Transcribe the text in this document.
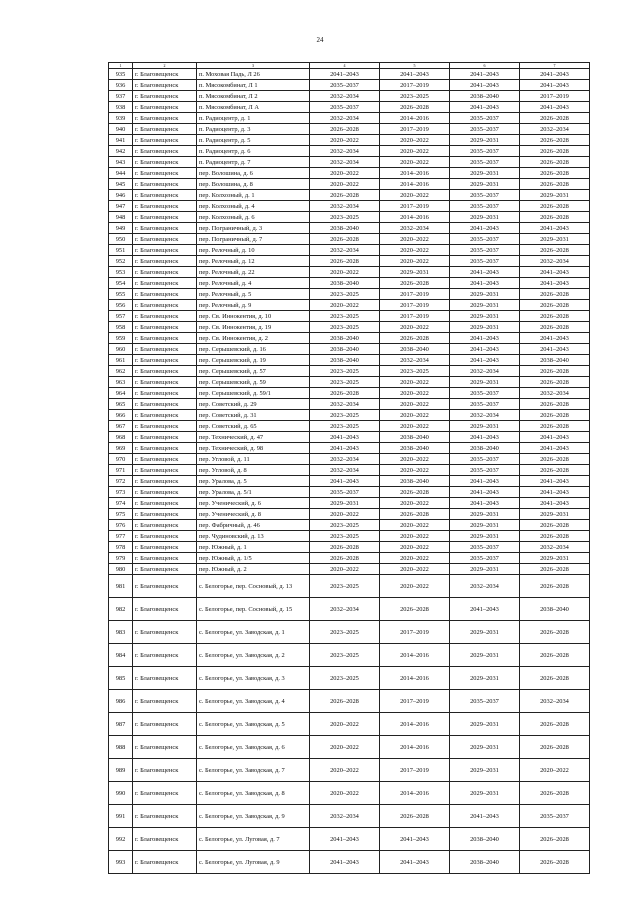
24
1	2	3	4	5	6	7
935	г. Благовещенск	п. Моховая Падь, Л 26	2041–2043	2041–2043	2041–2043	2041–2043
936	г. Благовещенск	п. Мясокомбинат, Л 1	2035–2037	2017–2019	2041–2043	2041–2043
937	г. Благовещенск	п. Мясокомбинат, Л 2	2032–2034	2023–2025	2038–2040	2017–2019
938	г. Благовещенск	п. Мясокомбинат, Л А	2035–2037	2026–2028	2041–2043	2041–2043
939	г. Благовещенск	п. Радиоцентр, д. 1	2032–2034	2014–2016	2035–2037	2026–2028
940	г. Благовещенск	п. Радиоцентр, д. 3	2026–2028	2017–2019	2035–2037	2032–2034
941	г. Благовещенск	п. Радиоцентр, д. 5	2020–2022	2020–2022	2029–2031	2026–2028
942	г. Благовещенск	п. Радиоцентр, д. 6	2032–2034	2020–2022	2035–2037	2026–2028
943	г. Благовещенск	п. Радиоцентр, д. 7	2032–2034	2020–2022	2035–2037	2026–2028
944	г. Благовещенск	пер. Волошина, д. 6	2020–2022	2014–2016	2029–2031	2026–2028
945	г. Благовещенск	пер. Волошина, д. 8	2020–2022	2014–2016	2029–2031	2026–2028
946	г. Благовещенск	пер. Колхозный, д. 1	2026–2028	2020–2022	2035–2037	2029–2031
947	г. Благовещенск	пер. Колхозный, д. 4	2032–2034	2017–2019	2035–2037	2026–2028
948	г. Благовещенск	пер. Колхозный, д. 6	2023–2025	2014–2016	2029–2031	2026–2028
949	г. Благовещенск	пер. Пограничный, д. 3	2038–2040	2032–2034	2041–2043	2041–2043
950	г. Благовещенск	пер. Пограничный, д. 7	2026–2028	2020–2022	2035–2037	2029–2031
951	г. Благовещенск	пер. Релочный, д. 10	2032–2034	2020–2022	2035–2037	2026–2028
952	г. Благовещенск	пер. Релочный, д. 12	2026–2028	2020–2022	2035–2037	2032–2034
953	г. Благовещенск	пер. Релочный, д. 22	2020–2022	2029–2031	2041–2043	2041–2043
954	г. Благовещенск	пер. Релочный, д. 4	2038–2040	2026–2028	2041–2043	2041–2043
955	г. Благовещенск	пер. Релочный, д. 5	2023–2025	2017–2019	2029–2031	2026–2028
956	г. Благовещенск	пер. Релочный, д. 9	2020–2022	2017–2019	2029–2031	2026–2028
957	г. Благовещенск	пер. Св. Иннокентия, д. 10	2023–2025	2017–2019	2029–2031	2026–2028
958	г. Благовещенск	пер. Св. Иннокентия, д. 19	2023–2025	2020–2022	2029–2031	2026–2028
959	г. Благовещенск	пер. Св. Иннокентия, д. 2	2038–2040	2026–2028	2041–2043	2041–2043
960	г. Благовещенск	пер. Серышевский, д. 16	2038–2040	2038–2040	2041–2043	2041–2043
961	г. Благовещенск	пер. Серышевский, д. 19	2038–2040	2032–2034	2041–2043	2038–2040
962	г. Благовещенск	пер. Серышевский, д. 57	2023–2025	2023–2025	2032–2034	2026–2028
963	г. Благовещенск	пер. Серышевский, д. 59	2023–2025	2020–2022	2029–2031	2026–2028
964	г. Благовещенск	пер. Серышевский, д. 59/1	2026–2028	2020–2022	2035–2037	2032–2034
965	г. Благовещенск	пер. Советский, д. 29	2032–2034	2020–2022	2035–2037	2026–2028
966	г. Благовещенск	пер. Советский, д. 31	2023–2025	2020–2022	2032–2034	2026–2028
967	г. Благовещенск	пер. Советский, д. 65	2023–2025	2020–2022	2029–2031	2026–2028
968	г. Благовещенск	пер. Технический, д. 47	2041–2043	2038–2040	2041–2043	2041–2043
969	г. Благовещенск	пер. Технический, д. 98	2041–2043	2038–2040	2038–2040	2041–2043
970	г. Благовещенск	пер. Угловой, д. 11	2032–2034	2020–2022	2035–2037	2026–2028
971	г. Благовещенск	пер. Угловой, д. 8	2032–2034	2020–2022	2035–2037	2026–2028
972	г. Благовещенск	пер. Уралова, д. 5	2041–2043	2038–2040	2041–2043	2041–2043
973	г. Благовещенск	пер. Уралова, д. 5/1	2035–2037	2026–2028	2041–2043	2041–2043
974	г. Благовещенск	пер. Ученический, д. 6	2029–2031	2020–2022	2041–2043	2041–2043
975	г. Благовещенск	пер. Ученический, д. 8	2020–2022	2026–2028	2029–2031	2029–2031
976	г. Благовещенск	пер. Фабричный, д. 46	2023–2025	2020–2022	2029–2031	2026–2028
977	г. Благовещенск	пер. Чудиновский, д. 13	2023–2025	2020–2022	2029–2031	2026–2028
978	г. Благовещенск	пер. Южный, д. 1	2026–2028	2020–2022	2035–2037	2032–2034
979	г. Благовещенск	пер. Южный, д. 1/5	2026–2028	2020–2022	2035–2037	2029–2031
980	г. Благовещенск	пер. Южный, д. 2	2020–2022	2020–2022	2029–2031	2026–2028
981	г. Благовещенск	с. Белогорье, пер. Сосновый, д. 13	2023–2025	2020–2022	2032–2034	2026–2028
982	г. Благовещенск	с. Белогорье, пер. Сосновый, д. 15	2032–2034	2026–2028	2041–2043	2038–2040
983	г. Благовещенск	с. Белогорье, ул. Заводская, д. 1	2023–2025	2017–2019	2029–2031	2026–2028
984	г. Благовещенск	с. Белогорье, ул. Заводская, д. 2	2023–2025	2014–2016	2029–2031	2026–2028
985	г. Благовещенск	с. Белогорье, ул. Заводская, д. 3	2023–2025	2014–2016	2029–2031	2026–2028
986	г. Благовещенск	с. Белогорье, ул. Заводская, д. 4	2026–2028	2017–2019	2035–2037	2032–2034
987	г. Благовещенск	с. Белогорье, ул. Заводская, д. 5	2020–2022	2014–2016	2029–2031	2026–2028
988	г. Благовещенск	с. Белогорье, ул. Заводская, д. 6	2020–2022	2014–2016	2029–2031	2026–2028
989	г. Благовещенск	с. Белогорье, ул. Заводская, д. 7	2020–2022	2017–2019	2029–2031	2020–2022
990	г. Благовещенск	с. Белогорье, ул. Заводская, д. 8	2020–2022	2014–2016	2029–2031	2026–2028
991	г. Благовещенск	с. Белогорье, ул. Заводская, д. 9	2032–2034	2026–2028	2041–2043	2035–2037
992	г. Благовещенск	с. Белогорье, ул. Луговая, д. 7	2041–2043	2041–2043	2038–2040	2026–2028
993	г. Благовещенск	с. Белогорье, ул. Луговая, д. 9	2041–2043	2041–2043	2038–2040	2026–2028
